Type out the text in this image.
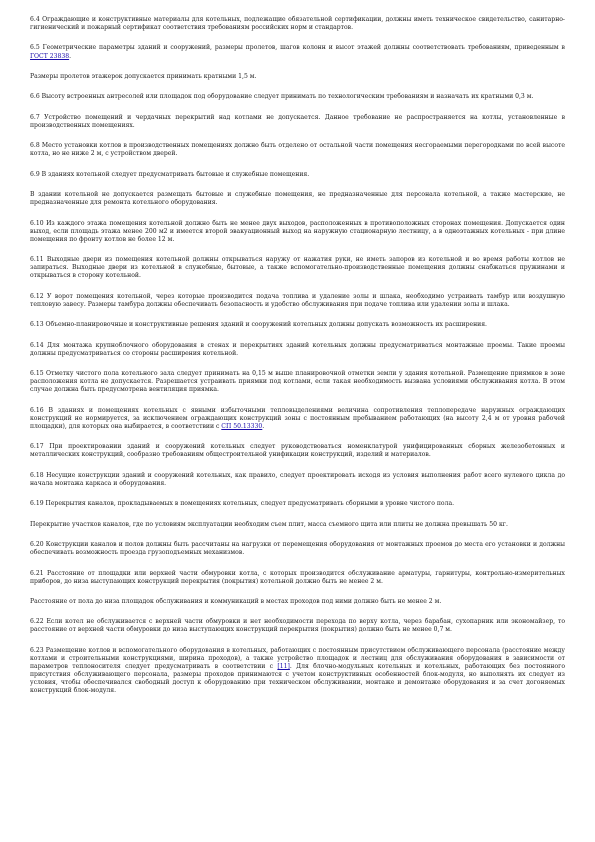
6.4 Ограждающие и конструктивные материалы для котельных, подлежащие обязательной сертификации, должны иметь техническое свидетельство, санитарно-гигиенический и пожарный сертификат соответствия требованиям российских норм и стандартов.

6.5 Геометрические параметры зданий и сооружений, размеры пролетов, шагов колонн и высот этажей должны соответствовать требованиям, приведенным в ГОСТ 23838.

Размеры пролетов этажерок допускается принимать кратными 1,5 м.

6.6 Высоту встроенных антресолей или площадок под оборудование следует принимать по технологическим требованиям и назначать их кратными 0,3 м.

6.7 Устройство помещений и чердачных перекрытий над котлами не допускается. Данное требование не распространяется на котлы, установленные в производственных помещениях.

6.8 Место установки котлов в производственных помещениях должно быть отделено от остальной части помещения несгораемыми перегородками по всей высоте котла, но не ниже 2 м, с устройством дверей.

6.9 В зданиях котельной следует предусматривать бытовые и служебные помещения.

В здании котельной не допускается размещать бытовые и служебные помещения, не предназначенные для персонала котельной, а также мастерские, не предназначенные для ремонта котельного оборудования.

6.10 Из каждого этажа помещения котельной должно быть не менее двух выходов, расположенных в противоположных сторонах помещения. Допускается один выход, если площадь этажа менее 200 м2 и имеется второй эвакуационный выход на наружную стационарную лестницу, а в одноэтажных котельных - при длине помещения по фронту котлов не более 12 м.

6.11 Выходные двери из помещения котельной должны открываться наружу от нажатия руки, не иметь запоров из котельной и во время работы котлов не запираться. Выходные двери из котельной в служебные, бытовые, а также вспомогательно-производственные помещения должны снабжаться пружинами и открываться в сторону котельной.

6.12 У ворот помещения котельной, через которые производится подача топлива и удаление золы и шлака, необходимо устраивать тамбур или воздушную тепловую завесу. Размеры тамбура должны обеспечивать безопасность и удобство обслуживания при подаче топлива или удалении золы и шлака.

6.13 Объемно-планировочные и конструктивные решения зданий и сооружений котельных должны допускать возможность их расширения.

6.14 Для монтажа крупноблочного оборудования в стенах и перекрытиях зданий котельных должны предусматриваться монтажные проемы. Такие проемы должны предусматриваться со стороны расширения котельной.

6.15 Отметку чистого пола котельного зала следует принимать на 0,15 м выше планировочной отметки земли у здания котельной. Размещение приямков в зоне расположения котла не допускается. Разрешается устраивать приямки под котлами, если такая необходимость вызвана условиями обслуживания котла. В этом случае должна быть предусмотрена вентиляция приямка.

6.16 В зданиях и помещениях котельных с явными избыточными тепловыделениями величина сопротивления теплопередаче наружных ограждающих конструкций не нормируется, за исключением ограждающих конструкций зоны с постоянным пребыванием работающих (на высоту 2,4 м от уровня рабочей площадки), для которых она выбирается, в соответствии с СП 50.13330.

6.17 При проектировании зданий и сооружений котельных следует руководствоваться номенклатурой унифицированных сборных железобетонных и металлических конструкций, сообразно требованиям общестроительной унификации конструкций, изделий и материалов.

6.18 Несущие конструкции зданий и сооружений котельных, как правило, следует проектировать исходя из условия выполнения работ всего нулевого цикла до начала монтажа каркаса и оборудования.

6.19 Перекрытия каналов, прокладываемых в помещениях котельных, следует предусматривать сборными в уровне чистого пола.

Перекрытие участков каналов, где по условиям эксплуатации необходим съем плит, масса съемного щита или плиты не должна превышать 50 кг.

6.20 Конструкции каналов и полов должны быть рассчитаны на нагрузки от перемещения оборудования от монтажных проемов до места его установки и должны обеспечивать возможность проезда грузоподъемных механизмов.

6.21 Расстояние от площадки или верхней части обмуровки котла, с которых производится обслуживание арматуры, гарнитуры, контрольно-измерительных приборов, до низа выступающих конструкций перекрытия (покрытия) котельной должно быть не менее 2 м.

Расстояние от пола до низа площадок обслуживания и коммуникаций в местах проходов под ними должно быть не менее 2 м.

6.22 Если котел не обслуживается с верхней части обмуровки и нет необходимости перехода по верху котла, через барабан, сухопарник или экономайзер, то расстояние от верхней части обмуровки до низа выступающих конструкций перекрытия (покрытия) должно быть не менее 0,7 м.

6.23 Размещение котлов и вспомогательного оборудования в котельных, работающих с постоянным присутствием обслуживающего персонала (расстояние между котлами и строительными конструкциями, ширина проходов), а также устройство площадок и лестниц для обслуживания оборудования в зависимости от параметров теплоносителя следует предусматривать в соответствии с [11]. Для блочно-модульных котельных и котельных, работающих без постоянного присутствия обслуживающего персонала, размеры проходов принимаются с учетом конструктивных особенностей блок-модуля, но выполнять их следует из условия, чтобы обеспечивался свободный доступ к оборудованию при техническом обслуживании, монтаже и демонтаже оборудования и за счет догоняемых конструкций блок-модуля.
